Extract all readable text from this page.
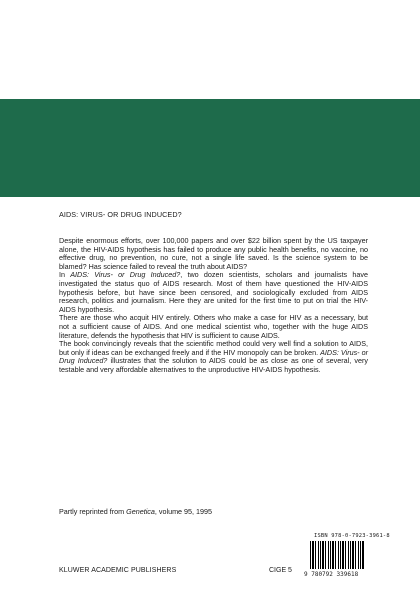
AIDS: VIRUS- OR DRUG INDUCED?

Despite enormous efforts, over 100,000 papers and over $22 billion spent by the US taxpayer alone, the HIV-AIDS hypothesis has failed to produce any public health benefits, no vaccine, no effective drug, no prevention, no cure, not a single life saved. Is the science system to be blamed? Has science failed to reveal the truth about AIDS?

In AIDS: Virus- or Drug Induced?, two dozen scientists, scholars and journalists have investigated the status quo of AIDS research. Most of them have questioned the HIV-AIDS hypothesis before, but have since been censored, and sociologically excluded from AIDS research, politics and journalism. Here they are united for the first time to put on trial the HIV-AIDS hypothesis.

There are those who acquit HIV entirely. Others who make a case for HIV as a necessary, but not a sufficient cause of AIDS. And one medical scientist who, together with the huge AIDS literature, defends the hypothesis that HIV is sufficient to cause AIDS.

The book convincingly reveals that the scientific method could very well find a solution to AIDS, but only if ideas can be exchanged freely and if the HIV monopoly can be broken. AIDS: Virus- or Drug Induced? illustrates that the solution to AIDS could be as close as one of several, very testable and very affordable alternatives to the unproductive HIV-AIDS hypothesis.

Partly reprinted from Genetica, volume 95, 1995
ISBN 978-0-7923-3961-8
9 780792 339618
KLUWER ACADEMIC PUBLISHERS	CIGE 5
